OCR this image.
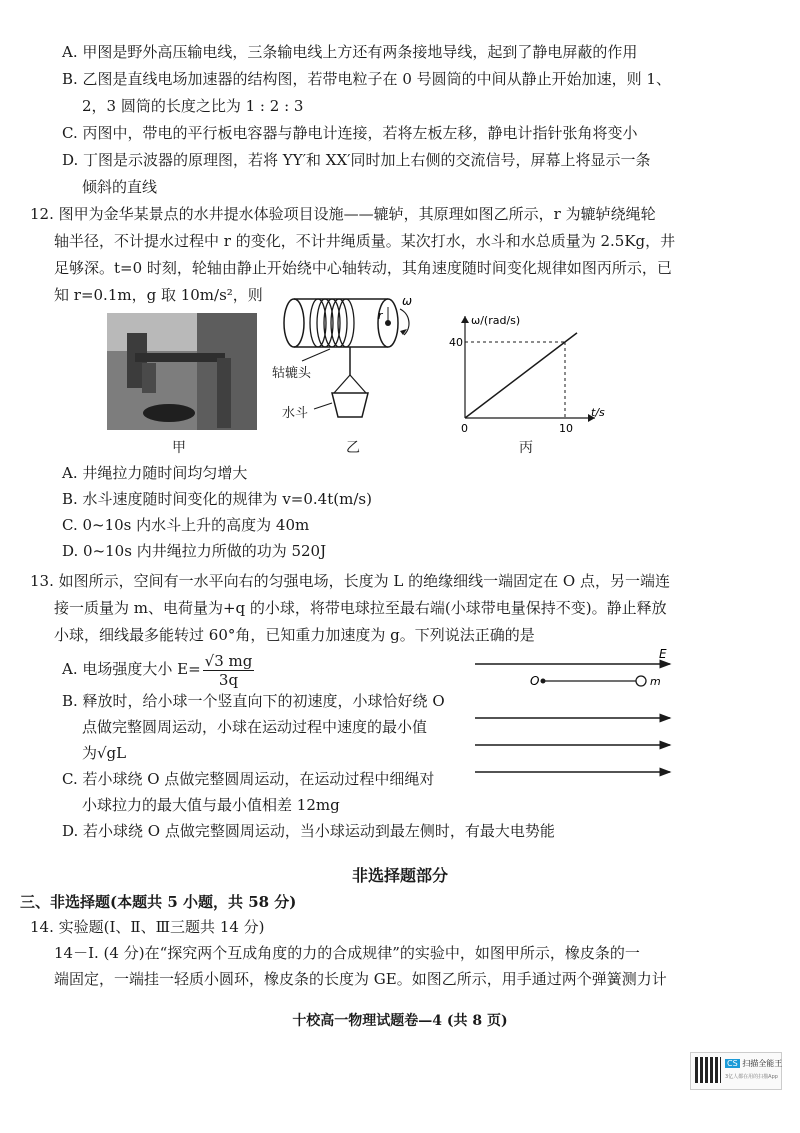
A. 甲图是野外高压输电线，三条输电线上方还有两条接地导线，起到了静电屏蔽的作用
B. 乙图是直线电场加速器的结构图，若带电粒子在 0 号圆筒的中间从静止开始加速，则 1、
2，3 圆筒的长度之比为 1 : 2 : 3
C. 丙图中，带电的平行板电容器与静电计连接，若将左板左移，静电计指针张角将变小
D. 丁图是示波器的原理图，若将 YY′和 XX′同时加上右侧的交流信号，屏幕上将显示一条
倾斜的直线
12. 图甲为金华某景点的水井提水体验项目设施——辘轳，其原理如图乙所示，r 为辘轳绕绳轮
轴半径，不计提水过程中 r 的变化，不计井绳质量。某次打水，水斗和水总质量为 2.5Kg，井
足够深。t=0 时刻，轮轴由静止开始绕中心轴转动，其角速度随时间变化规律如图丙所示，已
知 r=0.1m，g 取 10m/s²，则
甲
r
ω
轱辘头
水斗
乙
ω/(rad/s)
t/s
40
0	10
丙
A. 井绳拉力随时间均匀增大
B. 水斗速度随时间变化的规律为 v=0.4t(m/s)
C. 0~10s 内水斗上升的高度为 40m
D. 0~10s 内井绳拉力所做的功为 520J
13. 如图所示，空间有一水平向右的匀强电场，长度为 L 的绝缘细线一端固定在 O 点，另一端连
接一质量为 m、电荷量为+q 的小球，将带电球拉至最右端(小球带电量保持不变)。静止释放
小球，细线最多能转过 60°角，已知重力加速度为 g。下列说法正确的是
A. 电场强度大小 $E= \frac{√3 mg}{3q}$
B. 释放时，给小球一个竖直向下的初速度，小球恰好绕 O
点做完整圆周运动，小球在运动过程中速度的最小值
为√gL
C. 若小球绕 O 点做完整圆周运动，在运动过程中细绳对
小球拉力的最大值与最小值相差 12mg
D. 若小球绕 O 点做完整圆周运动，当小球运动到最左侧时，有最大电势能
E
O	m
非选择题部分
三、非选择题(本题共 5 小题，共 58 分)
14. 实验题(Ⅰ、Ⅱ、Ⅲ三题共 14 分)
14－Ⅰ. (4 分)在“探究两个互成角度的力的合成规律”的实验中，如图甲所示，橡皮条的一
端固定，一端挂一轻质小圆环，橡皮条的长度为 GE。如图乙所示，用手通过两个弹簧测力计
十校高一物理试题卷—4 (共 8 页)
CS 扫描全能王
3亿人都在用的扫描App
